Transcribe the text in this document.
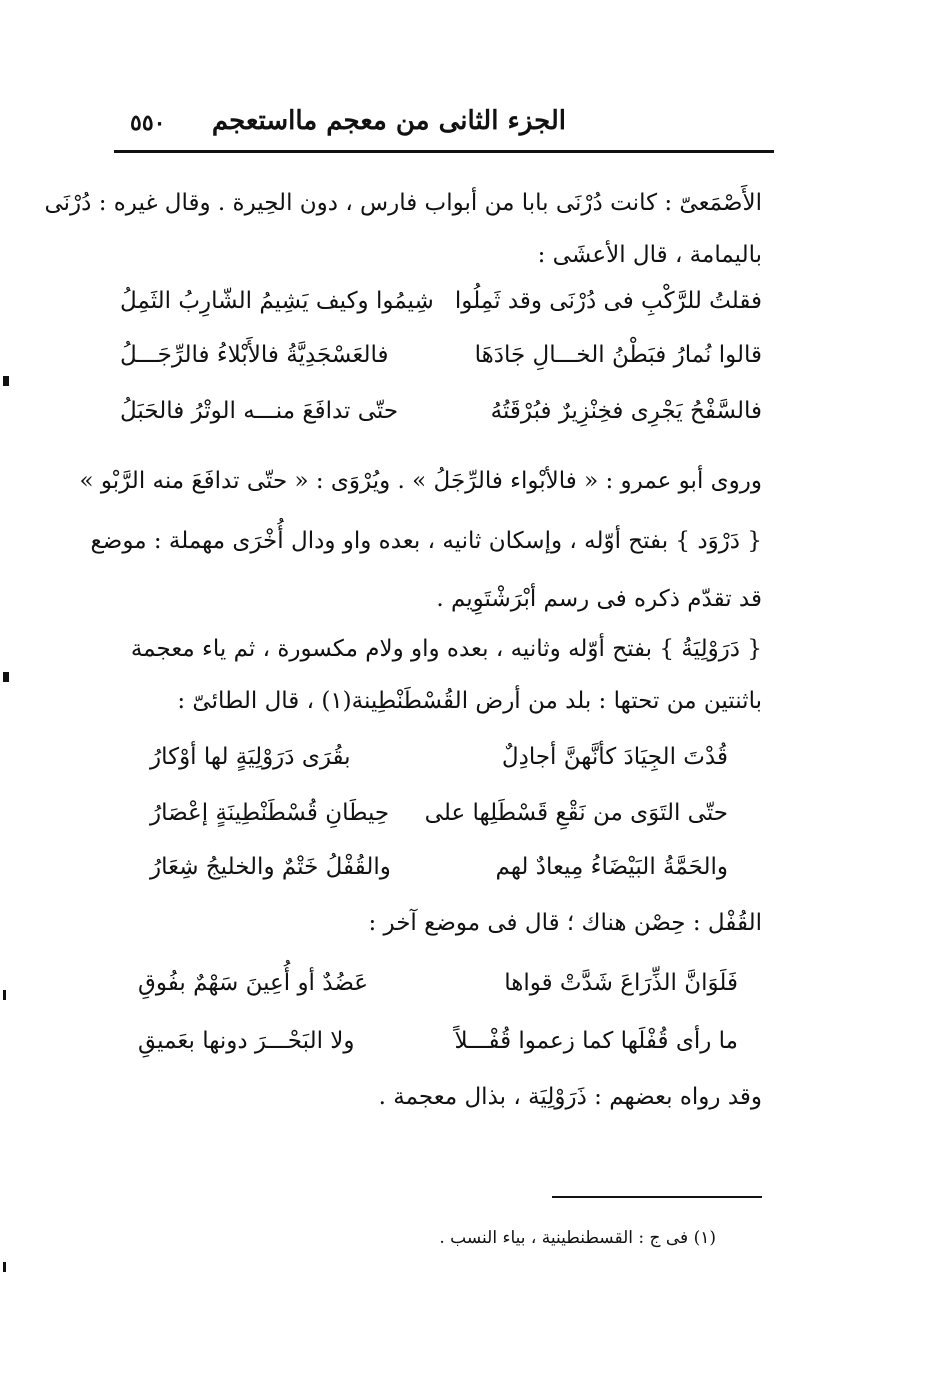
٥٥٠ الجزء الثانى من معجم مااستعجم
الأَصْمَعىّ : كانت دُرْنَى بابا من أبواب فارس ، دون الحِيرة . وقال غيره : دُرْنَى
باليمامة ، قال الأعشَى :
فقلتُ للرَّكْبِ فى دُرْنَى وقد ثَمِلُوا
شِيمُوا وكيف يَشِيمُ الشّارِبُ الثَمِلُ
قالوا نُمارُ فبَطْنُ الخـــالِ جَادَهَا
فالعَسْجَدِيَّةُ فالأَبْلاءُ فالرِّجَـــلُ
فالسَّفْحُ يَجْرِى فخِنْزِيرٌ فبُرْقَتُهُ
حتّى تدافَعَ منـــه الوتْرُ فالحَبَلُ
وروى أبو عمرو : « فالأبْواء فالرِّجَلُ » . ويُرْوَى : « حتّى تدافَعَ منه الرَّبْو »
{ دَرْوَد } بفتح أوّله ، وإسكان ثانيه ، بعده واو ودال أُخْرَى مهملة : موضع
قد تقدّم ذكره فى رسم أبْرَشْتَوِيم .
{ دَرَوْلِيَةُ } بفتح أوّله وثانيه ، بعده واو ولام مكسورة ، ثم ياء معجمة
باثنتين من تحتها : بلد من أرض القُسْطَنْطِينة(١) ، قال الطائىّ :
قُدْتَ الجِيَادَ كأنَّهنَّ أجادِلٌ
بقُرَى دَرَوْلِيَةٍ لها أوْكارُ
حتّى التَوَى من نَقْعِ قَسْطَلِها على
حِيطَانِ قُسْطَنْطِينَةٍ إعْصَارُ
والحَمَّةُ البَيْضَاءُ مِيعادٌ لهم
والقُفْلُ خَتْمٌ والخليجُ شِعَارُ
القُفْل : حِصْن هناك ؛ قال فى موضع آخر :
فَلَوَانَّ الذِّرَاعَ شَدَّتْ قواها
عَضُدٌ أو أُعِينَ سَهْمٌ بفُوقِ
ما رأى قُفْلَها كما زعموا قُفْـــلاً
ولا البَحْـــرَ دونها بعَميقِ
وقد رواه بعضهم : ذَرَوْلِيَة ، بذال معجمة .
(١) فى ج : القسطنطينية ، بياء النسب .
